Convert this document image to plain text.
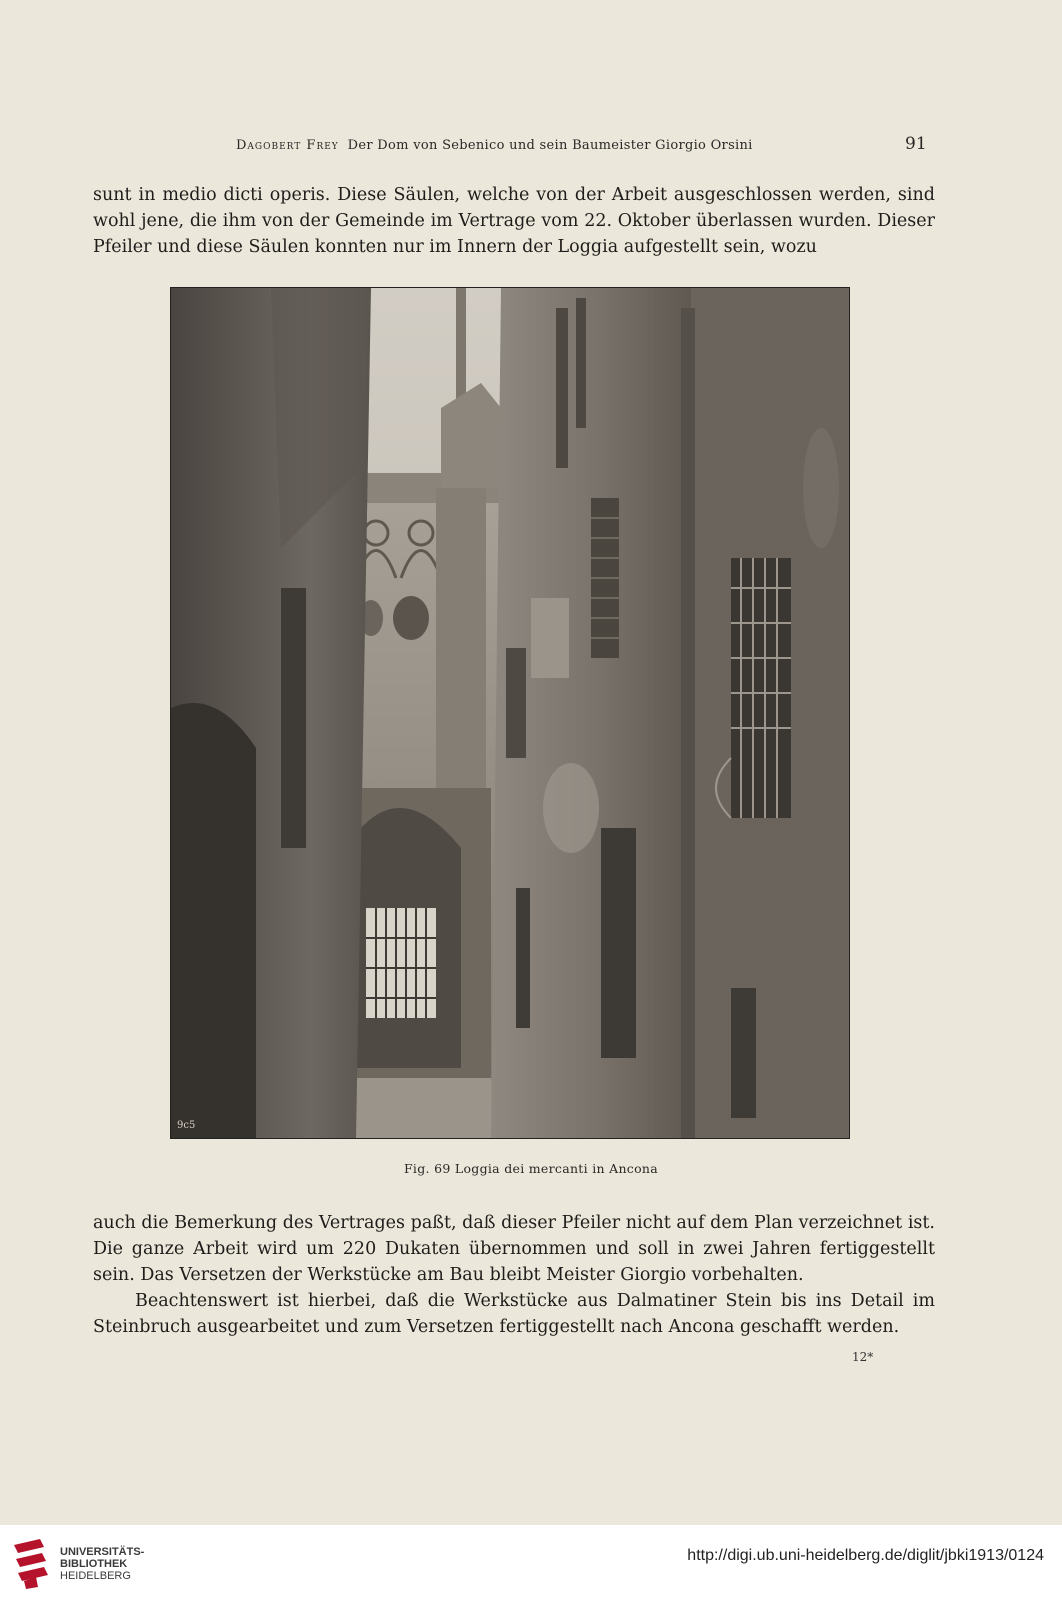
Dagobert Frey Der Dom von Sebenico und sein Baumeister Giorgio Orsini	91

sunt in medio dicti operis. Diese Säulen, welche von der Arbeit ausgeschlossen werden, sind wohl jene, die ihm von der Gemeinde im Vertrage vom 22. Oktober überlassen wurden. Dieser Pfeiler und diese Säulen konnten nur im Innern der Loggia aufgestellt sein, wozu

9c5
Fig. 69 Loggia dei mercanti in Ancona

auch die Bemerkung des Vertrages paßt, daß dieser Pfeiler nicht auf dem Plan verzeichnet ist. Die ganze Arbeit wird um 220 Dukaten übernommen und soll in zwei Jahren fertiggestellt sein. Das Versetzen der Werkstücke am Bau bleibt Meister Giorgio vorbehalten.

Beachtenswert ist hierbei, daß die Werkstücke aus Dalmatiner Stein bis ins Detail im Steinbruch ausgearbeitet und zum Versetzen fertiggestellt nach Ancona geschafft werden.

12*
UNIVERSITÄTS-
BIBLIOTHEK
HEIDELBERG
http://digi.ub.uni-heidelberg.de/diglit/jbki1913/0124
